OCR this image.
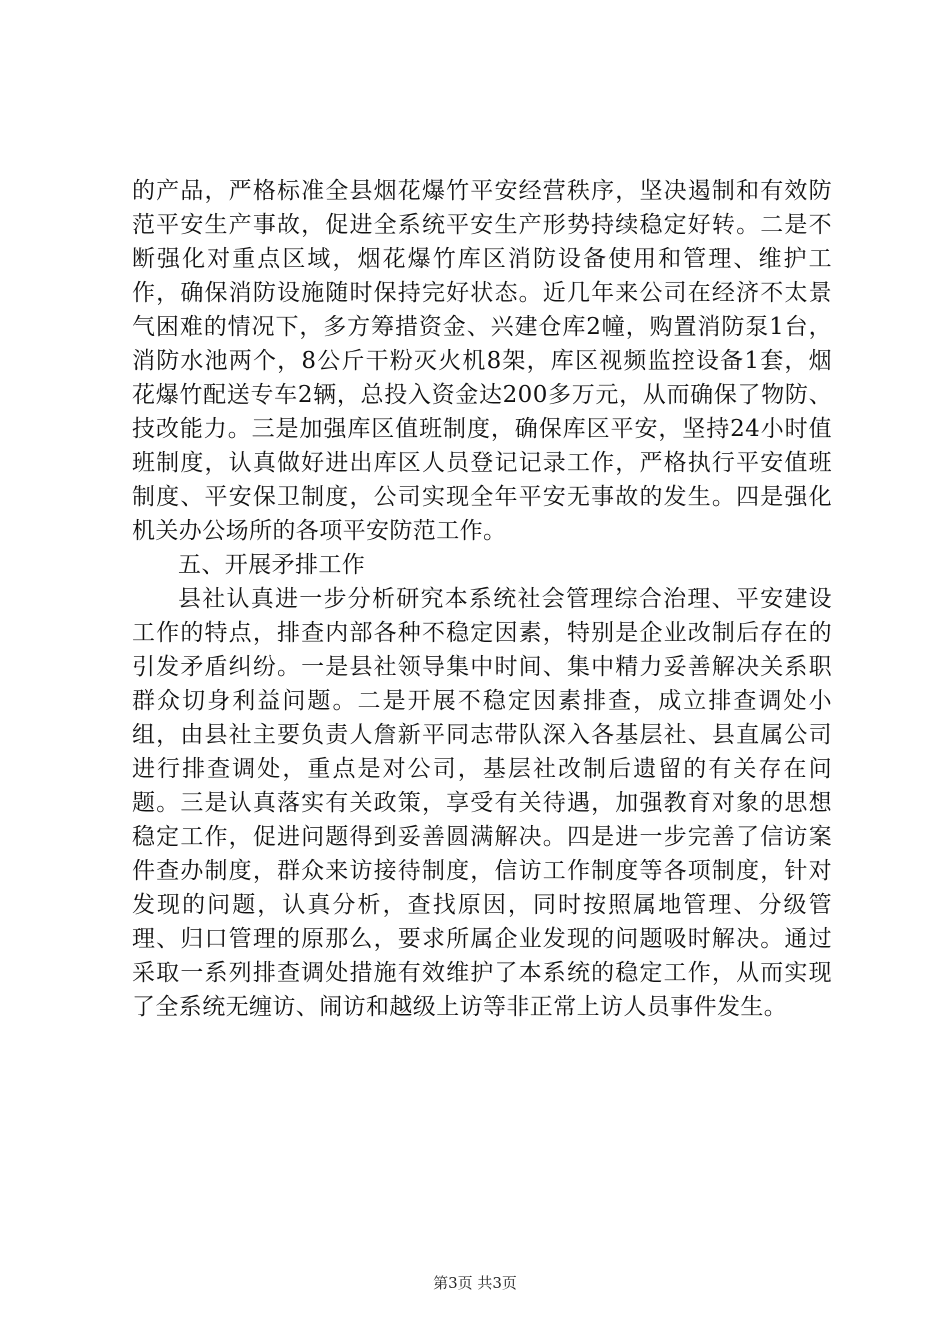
的产品，严格标准全县烟花爆竹平安经营秩序，坚决遏制和有效防范平安生产事故，促进全系统平安生产形势持续稳定好转。二是不断强化对重点区域，烟花爆竹库区消防设备使用和管理、维护工作，确保消防设施随时保持完好状态。近几年来公司在经济不太景气困难的情况下，多方筹措资金、兴建仓库2幢，购置消防泵1台，消防水池两个，8公斤干粉灭火机8架，库区视频监控设备1套，烟花爆竹配送专车2辆，总投入资金达200多万元，从而确保了物防、技改能力。三是加强库区值班制度，确保库区平安，坚持24小时值班制度，认真做好进出库区人员登记记录工作，严格执行平安值班制度、平安保卫制度，公司实现全年平安无事故的发生。四是强化机关办公场所的各项平安防范工作。

五、开展矛排工作

县社认真进一步分析研究本系统社会管理综合治理、平安建设工作的特点，排查内部各种不稳定因素，特别是企业改制后存在的引发矛盾纠纷。一是县社领导集中时间、集中精力妥善解决关系职群众切身利益问题。二是开展不稳定因素排查，成立排查调处小组，由县社主要负责人詹新平同志带队深入各基层社、县直属公司进行排查调处，重点是对公司，基层社改制后遗留的有关存在问题。三是认真落实有关政策，享受有关待遇，加强教育对象的思想稳定工作，促进问题得到妥善圆满解决。四是进一步完善了信访案件查办制度，群众来访接待制度，信访工作制度等各项制度，针对发现的问题，认真分析，查找原因，同时按照属地管理、分级管理、归口管理的原那么，要求所属企业发现的问题吸时解决。通过采取一系列排查调处措施有效维护了本系统的稳定工作，从而实现了全系统无缠访、闹访和越级上访等非正常上访人员事件发生。

第3页 共3页
